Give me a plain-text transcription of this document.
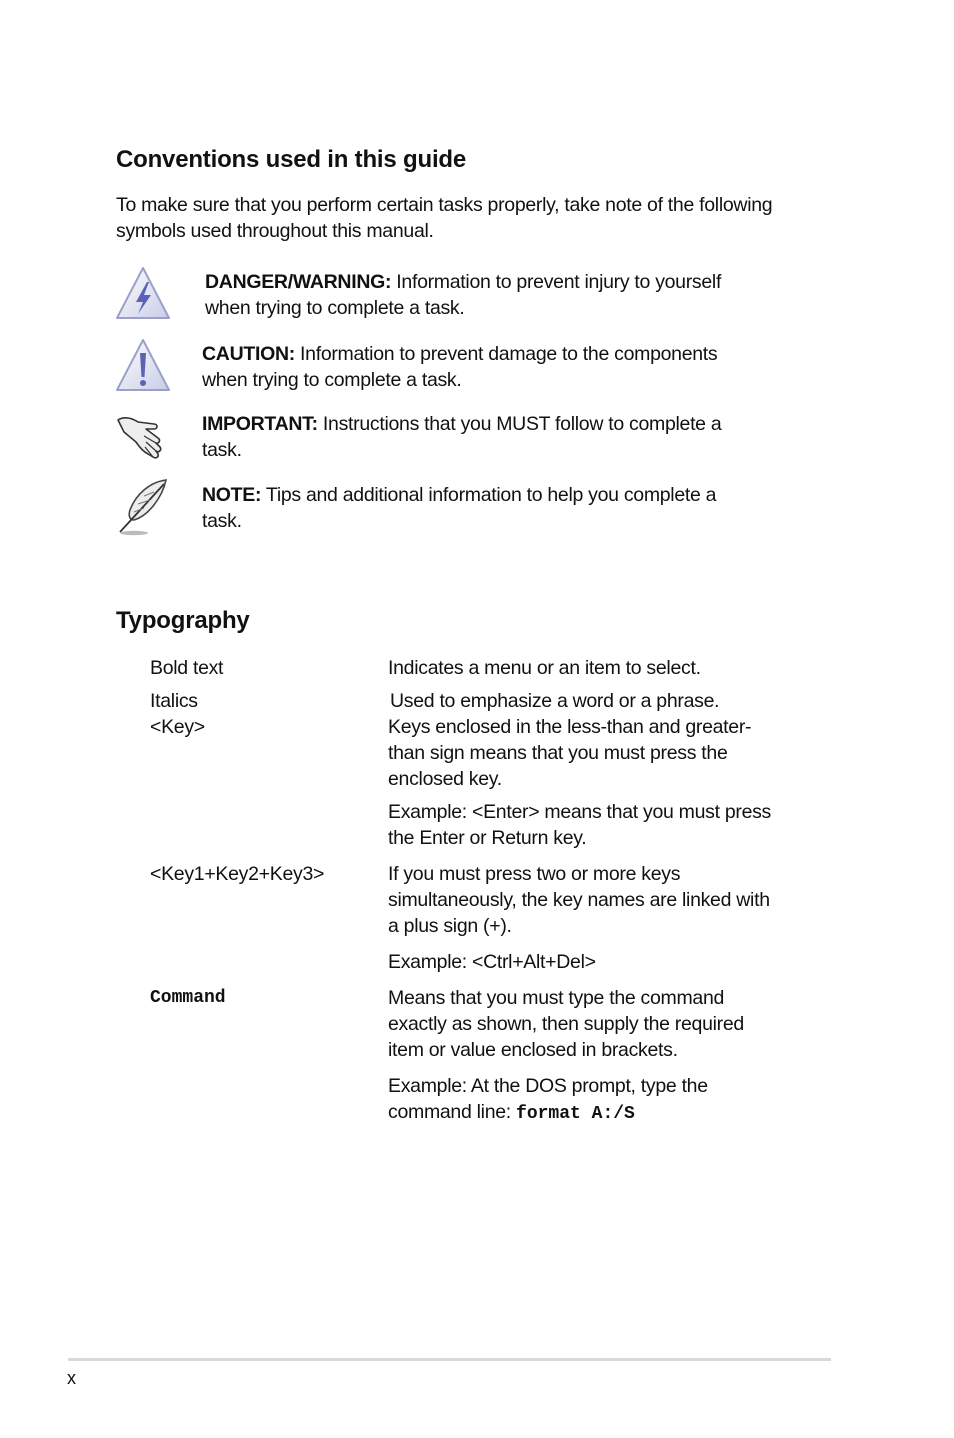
Conventions used in this guide
To make sure that you perform certain tasks properly, take note of the following
symbols used throughout this manual.
DANGER/WARNING: Information to prevent injury to yourself
when trying to complete a task.
CAUTION: Information to prevent damage to the components
when trying to complete a task.
IMPORTANT: Instructions that you MUST follow to complete a
task.
NOTE: Tips and additional information to help you complete a
task.
Typography
Bold text	Indicates a menu or an item to select.
Italics	Used to emphasize a word or a phrase.
<Key>	Keys enclosed in the less-than and greater-
than sign means that you must press the
enclosed key.
Example: <Enter> means that you must press
the Enter or Return key.
<Key1+Key2+Key3>	If you must press two or more keys
simultaneously, the key names are linked with
a plus sign (+).
Example: <Ctrl+Alt+Del>
Command	Means that you must type the command
exactly as shown, then supply the required
item or value enclosed in brackets.
Example: At the DOS prompt, type the
command line: format A:/S
x
